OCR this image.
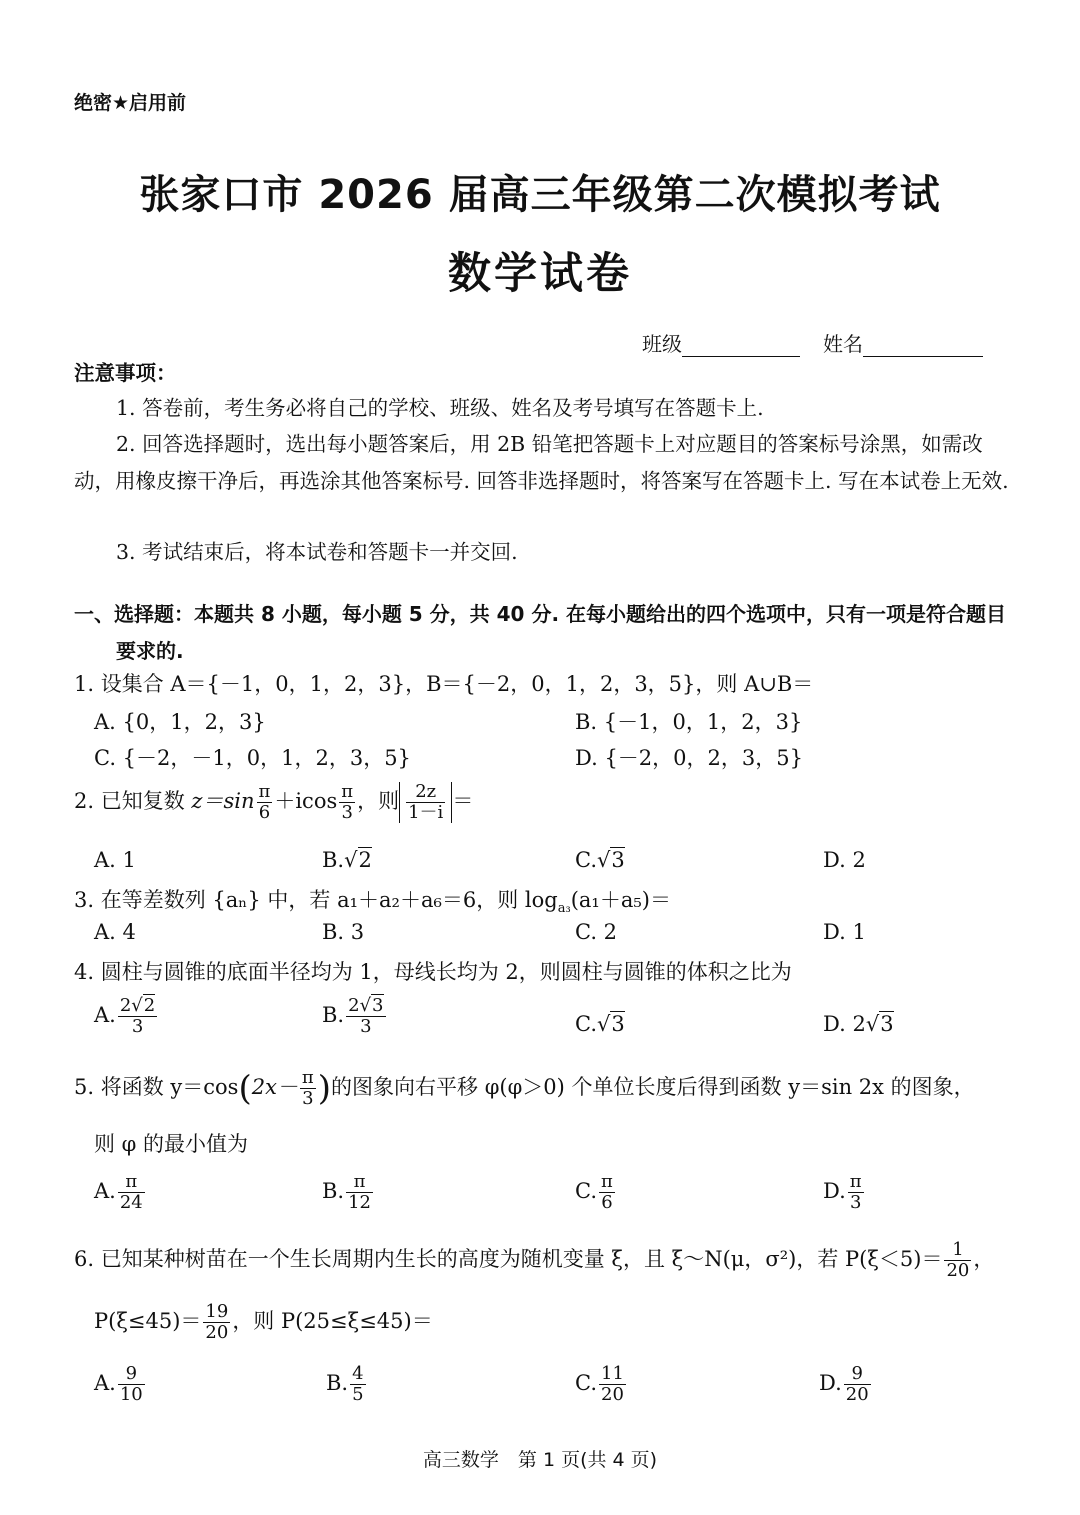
绝密★启用前
张家口市 2026 届高三年级第二次模拟考试
数学试卷
班级	姓名
注意事项：
1. 答卷前，考生务必将自己的学校、班级、姓名及考号填写在答题卡上.
2. 回答选择题时，选出每小题答案后，用 2B 铅笔把答题卡上对应题目的答案标号涂黑，如需改动，用橡皮擦干净后，再选涂其他答案标号. 回答非选择题时，将答案写在答题卡上. 写在本试卷上无效.
3. 考试结束后，将本试卷和答题卡一并交回.
一、选择题：本题共 8 小题，每小题 5 分，共 40 分. 在每小题给出的四个选项中，只有一项是符合题目要求的.
1. 设集合 A＝{－1，0，1，2，3}，B＝{－2，0，1，2，3，5}，则 A∪B＝
A. {0，1，2，3}	B. {－1，0，1，2，3}
C. {－2，－1，0，1，2，3，5}	D. {－2，0，2，3，5}
2. 已知复数 $z=\sin \frac{\pi}{6} +icos \frac{\pi}{3}$ ，则 $\frac{2z}{1-i}$ ＝
A. 1	B.√2	C.√3	D. 2
3. 在等差数列 {aₙ} 中，若 a₁＋a₂＋a₆＝6，则 $\log_{a_3}(a_1+a_5)=$
A. 4	B. 3	C. 2	D. 1
4. 圆柱与圆锥的底面半径均为 1，母线长均为 2，则圆柱与圆锥的体积之比为
A. $\frac{2√2}{3}$	B. $\frac{2√3}{3}$	C.√3	D. 2√3
5. 将函数 $y=\cos(2x- \frac{\pi}{3}$ )的图象向右平移 φ(φ＞0) 个单位长度后得到函数 y＝sin 2x 的图象，
则 φ 的最小值为
A. $\frac{\pi}{24}$	B. $\frac{\pi}{12}$	C. $\frac{\pi}{6}$	D. $\frac{\pi}{3}$
6. 已知某种树苗在一个生长周期内生长的高度为随机变量 ξ，且 ξ～N(μ，σ²)，若 $P(\xi<5)= \frac{1}{20}$ ，
$P(\xi\le 45)= \frac{19}{20}$ ，则 P(25≤ξ≤45)＝
A. $\frac{9}{10}$	B. $\frac{4}{5}$	C. $\frac{11}{20}$	D. $\frac{9}{20}$
高三数学　第 1 页(共 4 页)
